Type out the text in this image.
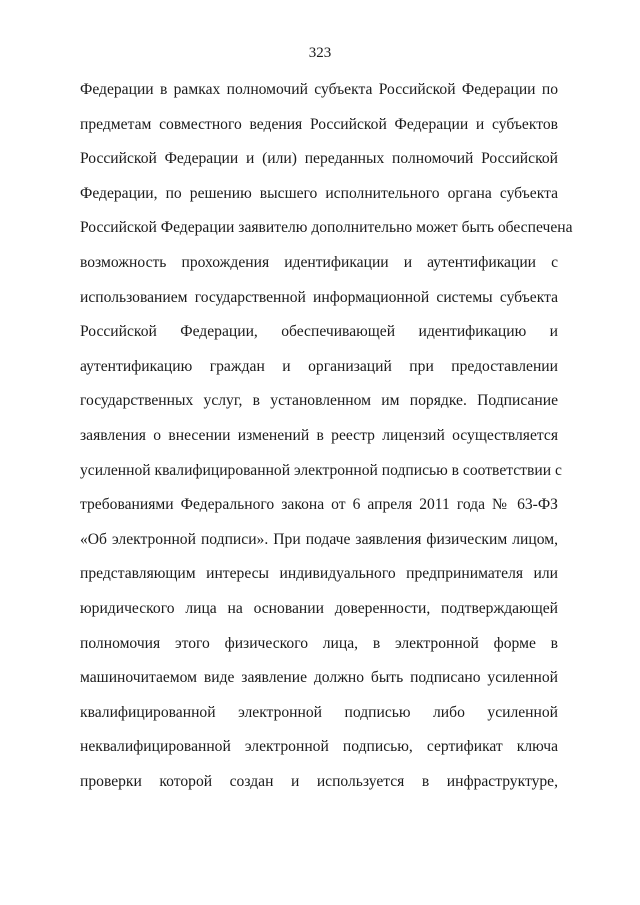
323
Федерации в рамках полномочий субъекта Российской Федерации по
предметам совместного ведения Российской Федерации и субъектов
Российской Федерации и (или) переданных полномочий Российской
Федерации, по решению высшего исполнительного органа субъекта
Российской Федерации заявителю дополнительно может быть обеспечена
возможность прохождения идентификации и аутентификации с
использованием государственной информационной системы субъекта
Российской Федерации, обеспечивающей идентификацию и
аутентификацию граждан и организаций при предоставлении
государственных услуг, в установленном им порядке. Подписание
заявления о внесении изменений в реестр лицензий осуществляется
усиленной квалифицированной электронной подписью в соответствии с
требованиями Федерального закона от 6 апреля 2011 года № 63-ФЗ
«Об электронной подписи». При подаче заявления физическим лицом,
представляющим интересы индивидуального предпринимателя или
юридического лица на основании доверенности, подтверждающей
полномочия этого физического лица, в электронной форме в
машиночитаемом виде заявление должно быть подписано усиленной
квалифицированной электронной подписью либо усиленной
неквалифицированной электронной подписью, сертификат ключа
проверки которой создан и используется в инфраструктуре,
